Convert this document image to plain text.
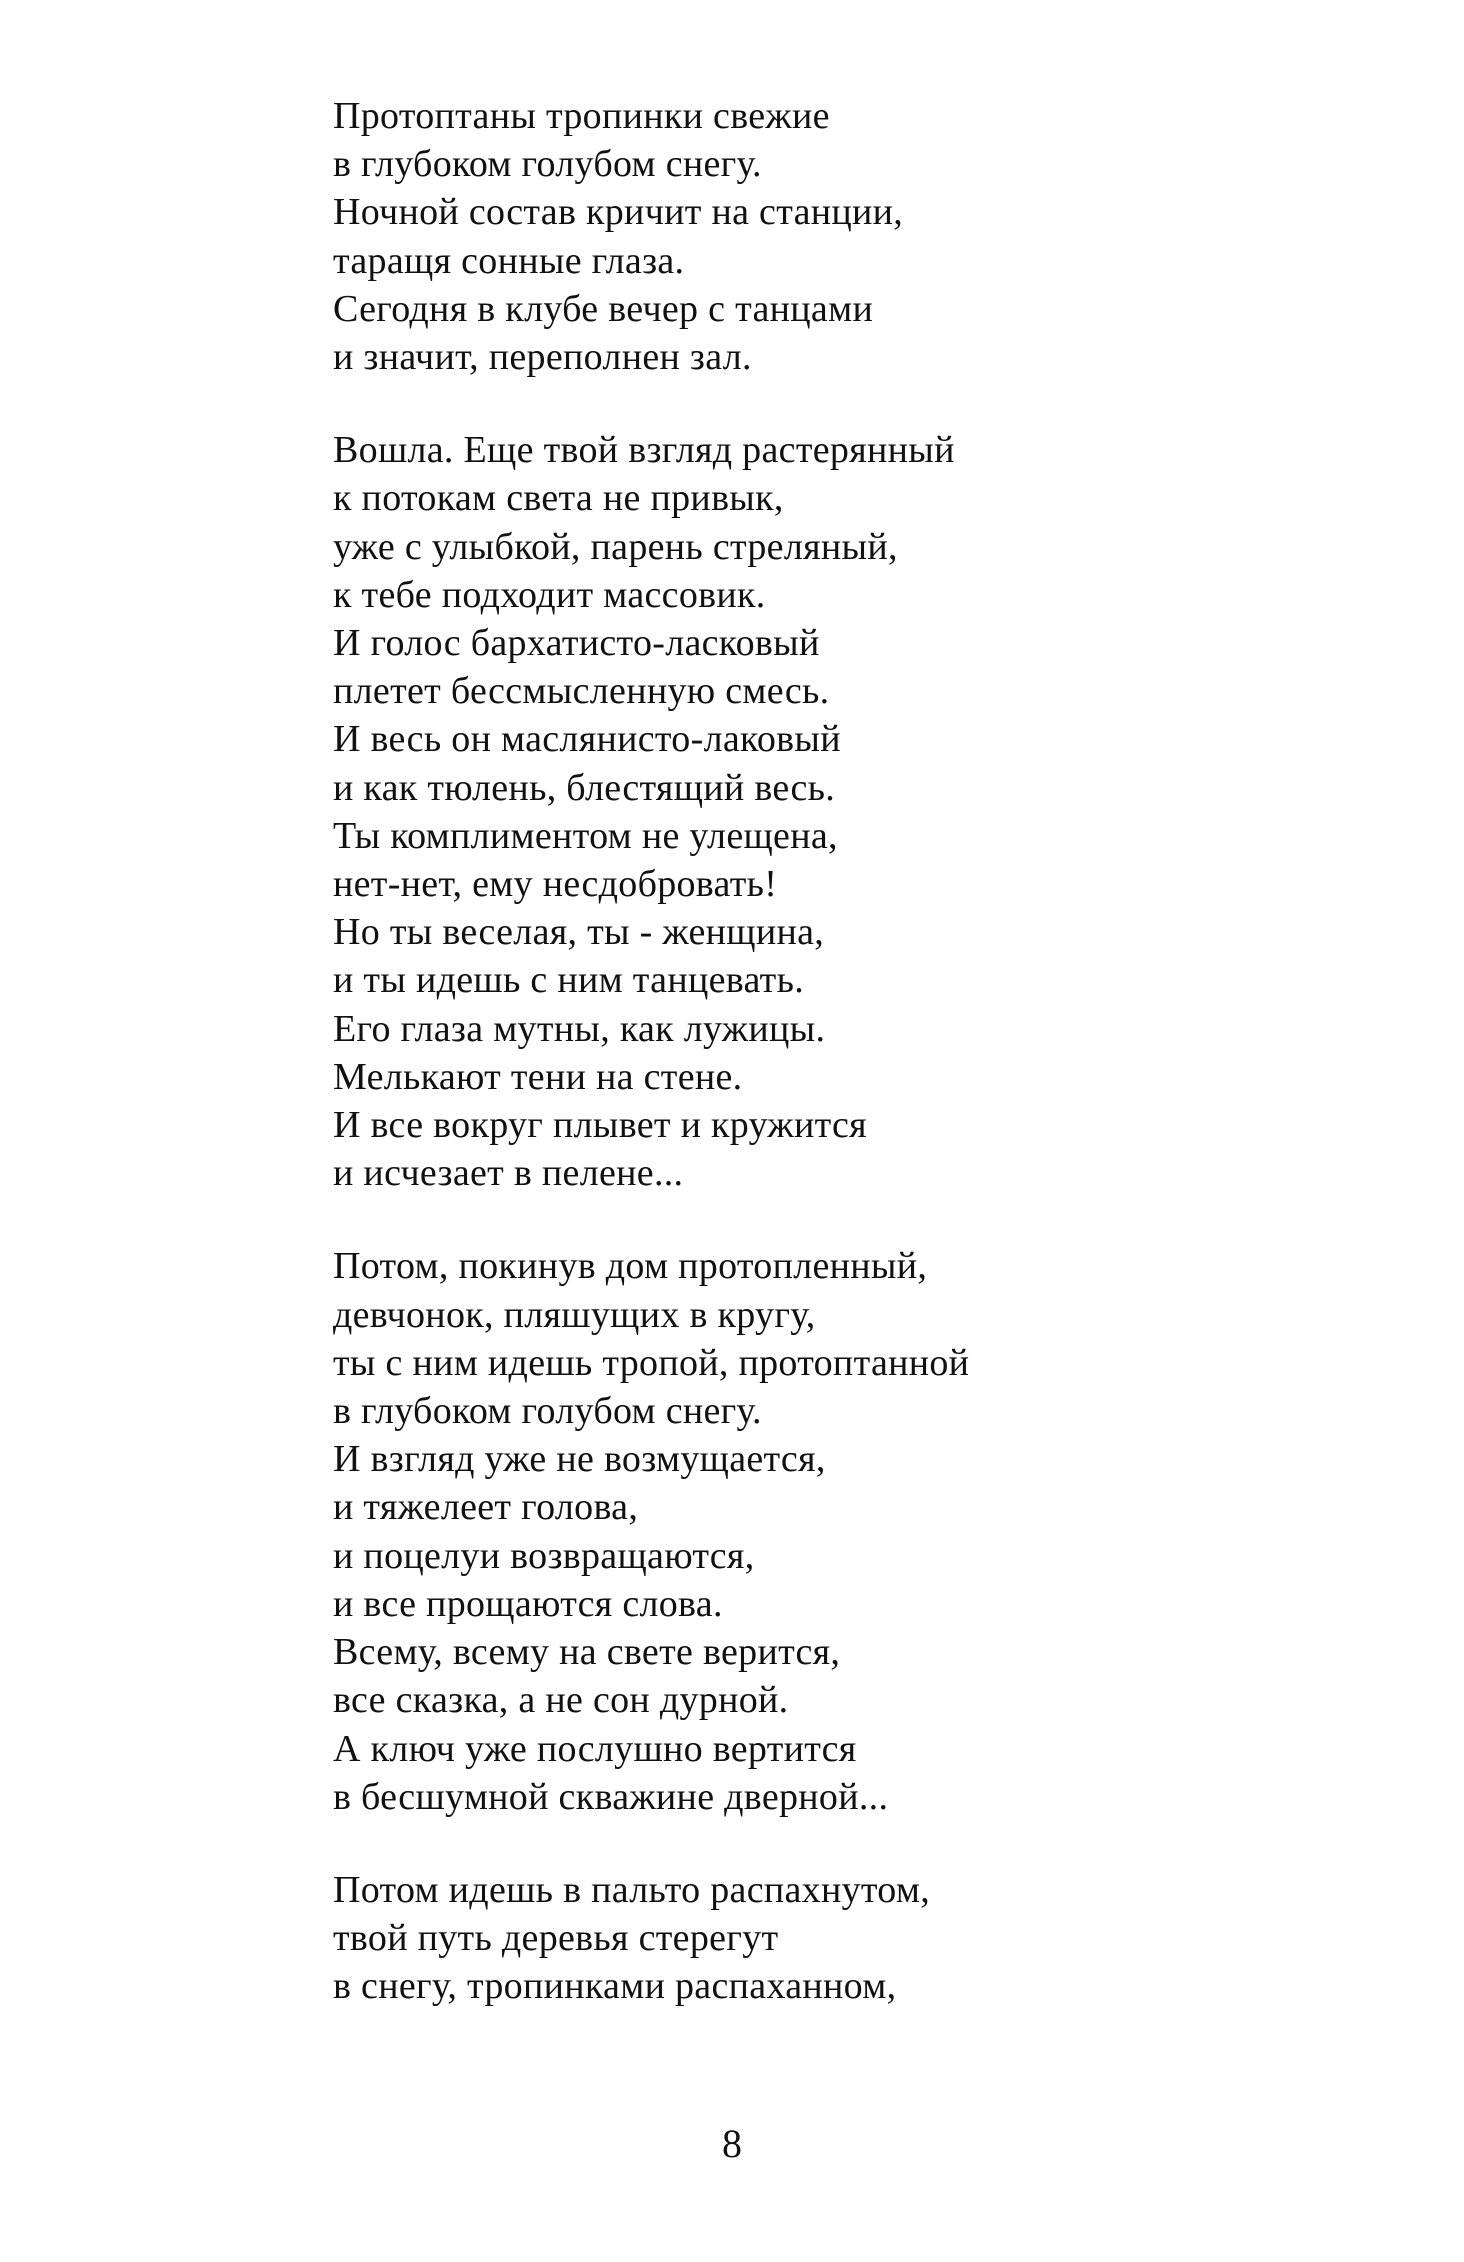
Протоптаны тропинки свежие
в глубоком голубом снегу.
Ночной состав кричит на станции,
таращя сонные глаза.
Сегодня в клубе вечер с танцами
и значит, переполнен зал.
Вошла. Еще твой взгляд растерянный
к потокам света не привык,
уже с улыбкой, парень стреляный,
к тебе подходит массовик.
И голос бархатисто-ласковый
плетет бессмысленную смесь.
И весь он маслянисто-лаковый
и как тюлень, блестящий весь.
Ты комплиментом не улещена,
нет-нет, ему несдобровать!
Но ты веселая, ты - женщина,
и ты идешь с ним танцевать.
Его глаза мутны, как лужицы.
Мелькают тени на стене.
И все вокруг плывет и кружится
и исчезает в пелене...
Потом, покинув дом протопленный,
девчонок, пляшущих в кругу,
ты с ним идешь тропой, протоптанной
в глубоком голубом снегу.
И взгляд уже не возмущается,
и тяжелеет голова,
и поцелуи возвращаются,
и все прощаются слова.
Всему, всему на свете верится,
все сказка, а не сон дурной.
А ключ уже послушно вертится
в бесшумной скважине дверной...
Потом идешь в пальто распахнутом,
твой путь деревья стерегут
в снегу, тропинками распаханном,
8
